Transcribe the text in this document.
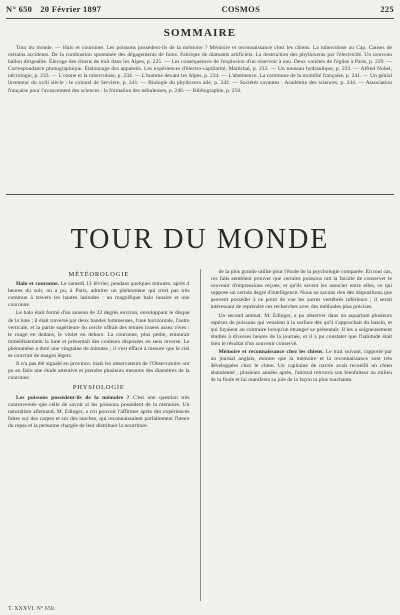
N° 650 20 Février 1897	COSMOS	225
SOMMAIRE

Tour du monde. — Halo et couronne. Les poissons possèdent-ils de la mémoire ? Mémoire et reconnaissance chez les chiens. La tuberculose au Cap. Causes de certains accidents. De la combustion spontanée des dégagements de foins. Fabrique de diamants artificiels. La destruction des phylloxeras par l'électricité. Un nouveau ballon dirigeable. Élevage des chiens de trait dans les Alpes, p. 225. — Les conséquences de l'explosion d'un réservoir à eau. Deux variétés de l'église à Paris, p. 229. — Correspondance photographique. Étalonnage des appareils. Les expériences d'électro-capillarité, Maréchal, p. 232. — Un tonneau hydraulique, p. 233. — Alfred Nobel, nécrologie, p. 233. — L'ozone et la tuberculose, p. 234. — L'homme devant les Alpes, p. 234. — L'abstinence. La commune de la mobilité française, p. 241. — Un génial inventeur du xviii siècle : le colonel de Servière, p. 241. — Biologie du phylloxera ailé, p. 242. — Sociétés savantes : Académie des sciences, p. 244. — Association française pour l'avancement des sciences : la formation des nébuleuses, p. 246. — Bibliographie, p. 250.

TOUR DU MONDE
MÉTÉOROLOGIE

Halo et couronne. Le samedi 13 février, pendant quelques minutes, après 4 heures du soir, on a pu, à Paris, admirer un phénomène qui n'est pas très commun à travers les hautes latitudes : un magnifique halo lunaire et une couronne.

Le halo était formé d'un anneau de 22 degrés environ, enveloppant le disque de la lune ; il était traversé par deux bandes lumineuses, l'une horizontale, l'autre verticale, et la partie supérieure du cercle offrait des teintes irisées assez vives : le rouge en dedans, le violet en dehors. La couronne, plus petite, entourait immédiatement la lune et présentait des couleurs disposées en sens inverse. Le phénomène a duré une vingtaine de minutes ; il s'est effacé à mesure que le ciel se couvrait de nuages légers.

Il n'a pas été signalé en province, mais les observateurs de l'Observatoire ont pu en faire une étude attentive et prendre plusieurs mesures des diamètres de la couronne.

PHYSIOLOGIE

Les poissons possèdent-ils de la mémoire ? C'est une question très controversée que celle de savoir si les poissons possèdent de la mémoire. Un naturaliste allemand, M. Edinger, a cru pouvoir l'affirmer après des expériences faites sur des carpes et sur des tanches, qui reconnaissaient parfaitement l'heure du repas et la personne chargée de leur distribuer la nourriture.

de la plus grande utilité pour l'étude de la psychologie comparée. En tout cas, ces faits semblent prouver que certains poissons ont la faculté de conserver le souvenir d'impressions reçues, et qu'ils savent les associer entre elles, ce qui suppose un certain degré d'intelligence. Nous ne savons rien des dispositions que peuvent posséder à ce point de vue les autres vertébrés inférieurs ; il serait intéressant de reprendre ces recherches avec des méthodes plus précises.

Un second animal, M. Edinger, a pu observer dans un aquarium plusieurs espèces de poissons qui venaient à la surface dès qu'il s'approchait du bassin, et qui fuyaient au contraire lorsqu'un étranger se présentait. Il les a soigneusement étudiés à diverses heures de la journée, et il a pu constater que l'habitude était bien le résultat d'un souvenir conservé.

Mémoire et reconnaissance chez les chiens. Le trait suivant, rapporté par un journal anglais, montre que la mémoire et la reconnaissance sont très développées chez le chien. Un capitaine de navire avait recueilli un chien abandonné ; plusieurs années après, l'animal retrouva son bienfaiteur au milieu de la foule et lui manifesta sa joie de la façon la plus touchante.

T. XXXVI. N° 650.
